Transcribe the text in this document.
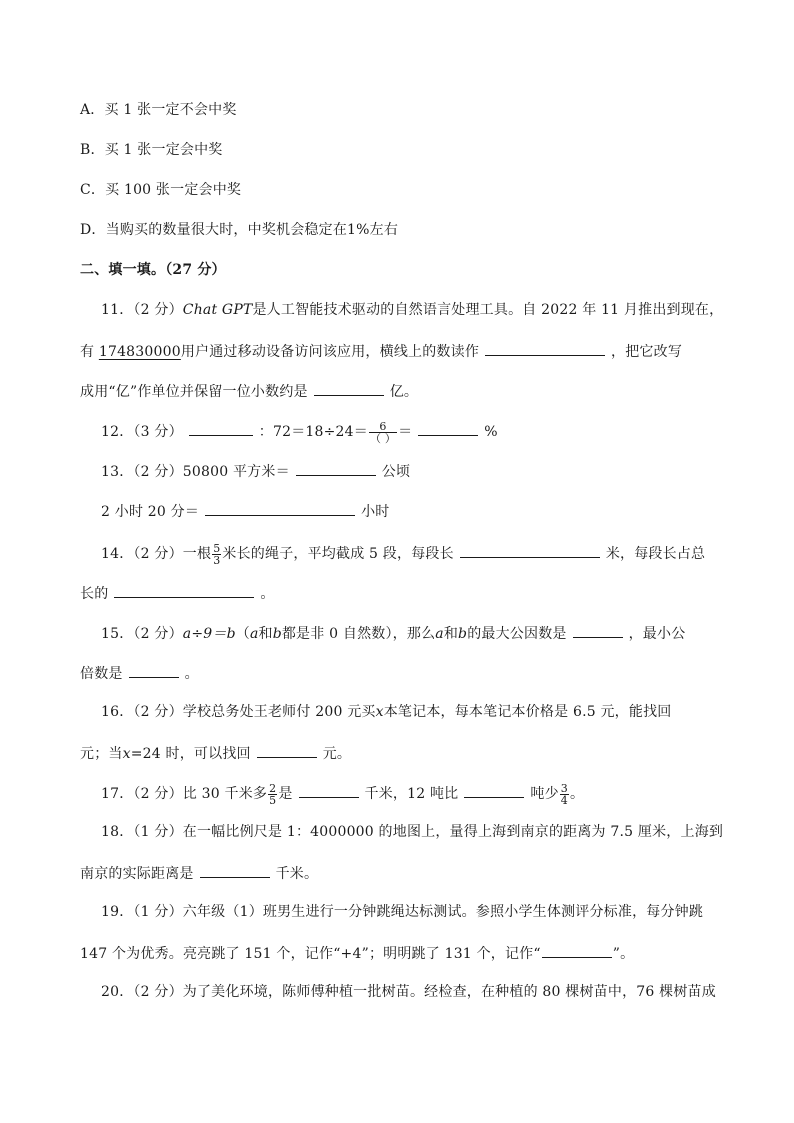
A．买 1 张一定不会中奖
B．买 1 张一定会中奖
C．买 100 张一定会中奖
D．当购买的数量很大时，中奖机会稳定在1%左右
二、填一填。（27 分）
11．（2 分）Chat GPT是人工智能技术驱动的自然语言处理工具。自 2022 年 11 月推出到现在，
有 174830000用户通过移动设备访问该应用，横线上的数读作	，把它改写
成用“亿”作单位并保留一位小数约是	亿。
12．（3 分）	：$72=18\div 24= \frac{6}{( )}$ ＝	%
13．（2 分）50800 平方米＝	公顷
2 小时 20 分＝	小时
14．（2 分）一根 $\frac{5}{3}$ 米长的绳子，平均截成 5 段，每段长	米，每段长占总
长的	。
15．（2 分）a÷9＝b（a和b都是非 0 自然数），那么a和b的最大公因数是	，最小公
倍数是	。
16．（2 分）学校总务处王老师付 200 元买x本笔记本，每本笔记本价格是 6.5 元，能找回
元；当x=24 时，可以找回	元。
17．（2 分）比 30 千米多 $\frac{2}{5}$ 是	千米，12 吨比	吨少 $\frac{3}{4}$ 。
18．（1 分）在一幅比例尺是 1：4000000 的地图上，量得上海到南京的距离为 7.5 厘米，上海到
南京的实际距离是	千米。
19．（1 分）六年级（1）班男生进行一分钟跳绳达标测试。参照小学生体测评分标准，每分钟跳
147 个为优秀。亮亮跳了 151 个，记作“+4”；明明跳了 131 个，记作“	”。
20．（2 分）为了美化环境，陈师傅种植一批树苗。经检查，在种植的 80 棵树苗中，76 棵树苗成
